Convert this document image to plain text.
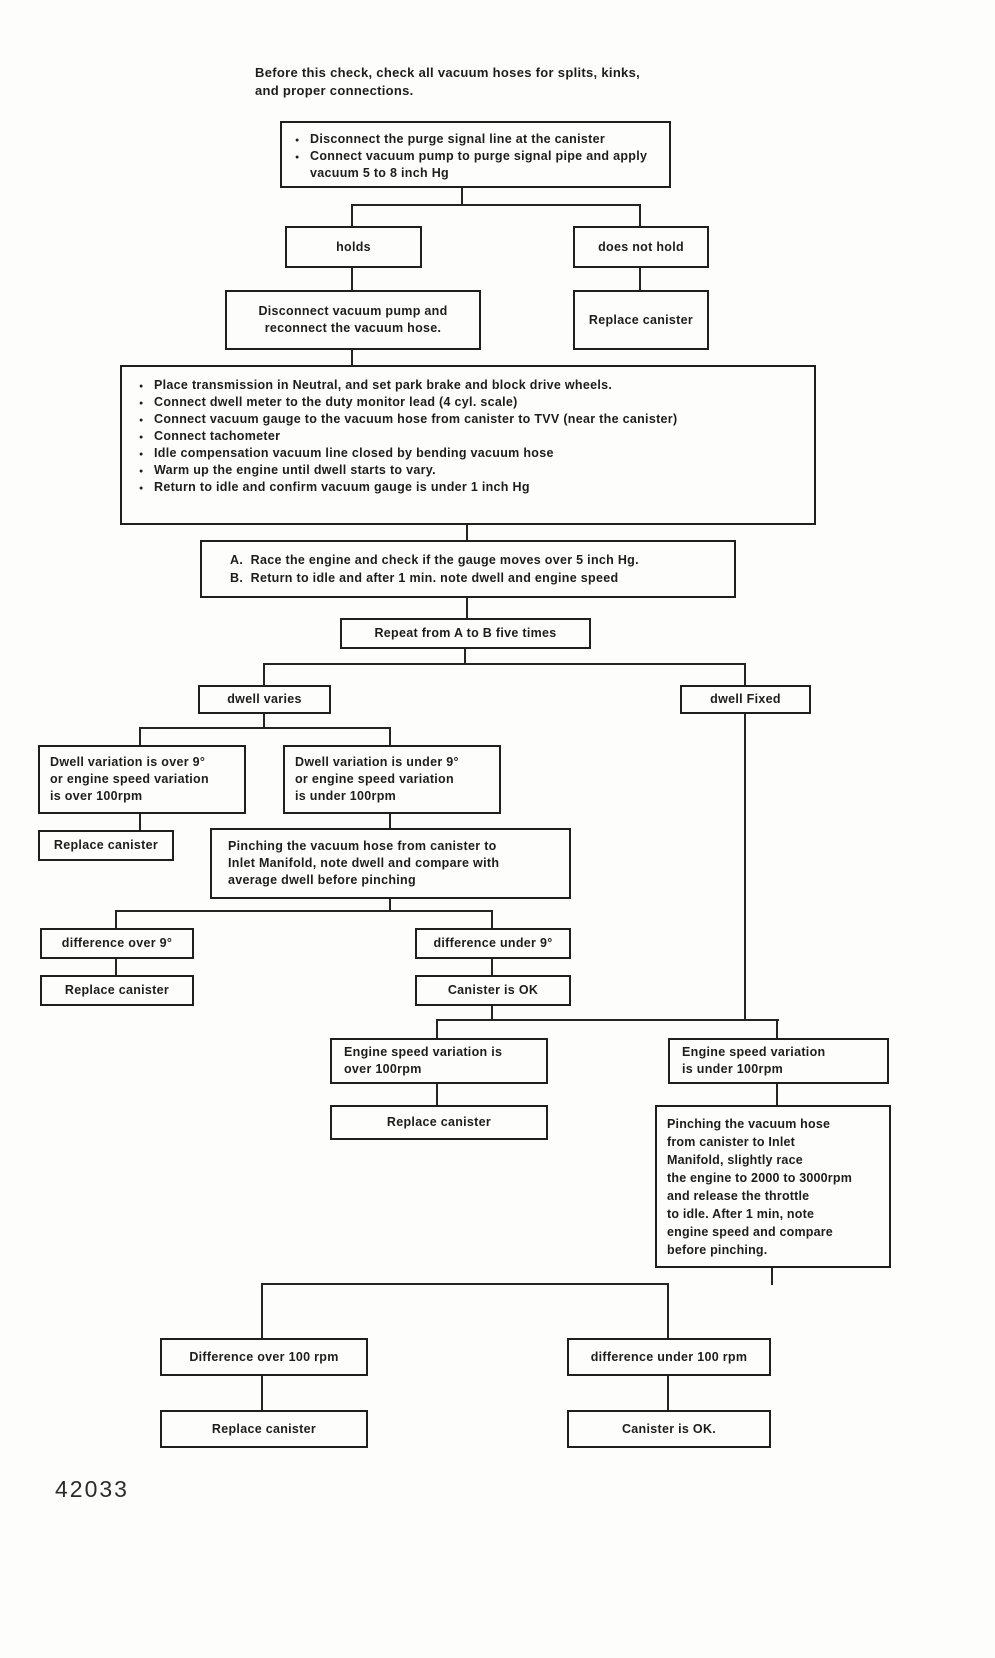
Before this check, check all vacuum hoses for splits, kinks,
and proper connections.
●
Disconnect the purge signal line at the canister
●
Connect vacuum pump to purge signal pipe and apply vacuum 5 to 8 inch Hg
holds	does not hold
Disconnect vacuum pump and
reconnect the vacuum hose.
Replace canister
●
Place transmission in Neutral, and set park brake and block drive wheels.
●
Connect dwell meter to the duty monitor lead (4 cyl. scale)
●
Connect vacuum gauge to the vacuum hose from canister to TVV (near the canister)
●
Connect tachometer
●
Idle compensation vacuum line closed by bending vacuum hose
●
Warm up the engine until dwell starts to vary.
●
Return to idle and confirm vacuum gauge is under 1 inch Hg
A.  Race the engine and check if the gauge moves over 5 inch Hg.
B.  Return to idle and after 1 min. note dwell and engine speed
Repeat from A to B five times
dwell varies	dwell Fixed
Dwell variation is over 9°
or engine speed variation
is over 100rpm
Dwell variation is under 9°
or engine speed variation
is under 100rpm
Replace canister	Pinching the vacuum hose from canister to
Inlet Manifold, note dwell and compare with
average dwell before pinching
difference over 9°	difference under 9°
Replace canister	Canister is OK
Engine speed variation is
over 100rpm
Engine speed variation
is under 100rpm
Replace canister	Pinching the vacuum hose
from canister to Inlet
Manifold, slightly race
the engine to 2000 to 3000rpm
and release the throttle
to idle. After 1 min, note
engine speed and compare
before pinching.
Difference over 100 rpm	difference under 100 rpm
Replace canister	Canister is OK.
42033
